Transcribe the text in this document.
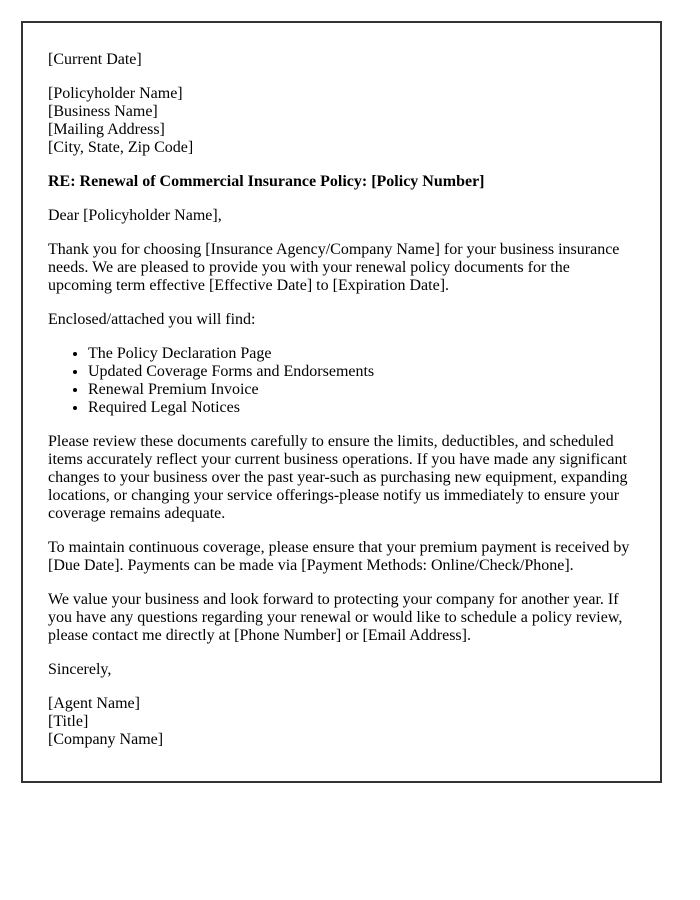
[Current Date]

[Policyholder Name]
[Business Name]
[Mailing Address]
[City, State, Zip Code]

RE: Renewal of Commercial Insurance Policy: [Policy Number]

Dear [Policyholder Name],

Thank you for choosing [Insurance Agency/Company Name] for your business insurance needs. We are pleased to provide you with your renewal policy documents for the upcoming term effective [Effective Date] to [Expiration Date].

Enclosed/attached you will find:

• The Policy Declaration Page
• Updated Coverage Forms and Endorsements
• Renewal Premium Invoice
• Required Legal Notices

Please review these documents carefully to ensure the limits, deductibles, and scheduled items accurately reflect your current business operations. If you have made any significant changes to your business over the past year-such as purchasing new equipment, expanding locations, or changing your service offerings-please notify us immediately to ensure your coverage remains adequate.

To maintain continuous coverage, please ensure that your premium payment is received by [Due Date]. Payments can be made via [Payment Methods: Online/Check/Phone].

We value your business and look forward to protecting your company for another year. If you have any questions regarding your renewal or would like to schedule a policy review, please contact me directly at [Phone Number] or [Email Address].

Sincerely,

[Agent Name]
[Title]
[Company Name]
